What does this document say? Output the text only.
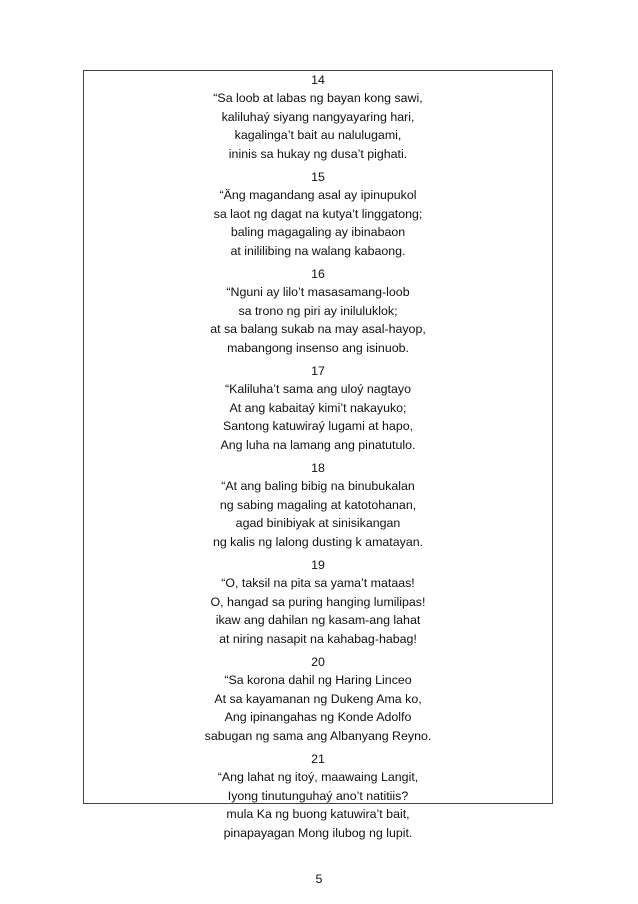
14
“Sa loob at labas ng bayan kong sawi,
kaliluhaý siyang nangyayaring hari,
kagalinga’t bait au nalulugami,
ininis sa hukay ng dusa’t pighati.
15
“Äng magandang asal ay ipinupukol
sa laot ng dagat na kutya’t linggatong;
baling magagaling ay ibinabaon
at inililibing na walang kabaong.
16
“Nguni ay lilo’t masasamang-loob
sa trono ng piri ay iniluluklok;
at sa balang sukab na may asal-hayop,
mabangong insenso ang isinuob.
17
“Kaliluha’t sama ang uloý nagtayo
At ang kabaitaý kimi’t nakayuko;
Santong katuwiraý lugami at hapo,
Ang luha na lamang ang pinatutulo.
18
“At ang baling bibig na binubukalan
ng sabing magaling at katotohanan,
agad binibiyak at sinisikangan
ng kalis ng lalong dusting k amatayan.
19
“O, taksil na pita sa yama’t mataas!
O, hangad sa puring hanging lumilipas!
ikaw ang dahilan ng kasam-ang lahat
at niring nasapit na kahabag-habag!
20
“Sa korona dahil ng Haring Linceo
At sa kayamanan ng Dukeng Ama ko,
Ang ipinangahas ng Konde Adolfo
sabugan ng sama ang Albanyang Reyno.
21
“Ang lahat ng itoý, maawaing Langit,
Iyong tinutunguhaý ano’t natitiis?
mula Ka ng buong katuwira’t bait,
pinapayagan Mong ilubog ng lupit.
5
